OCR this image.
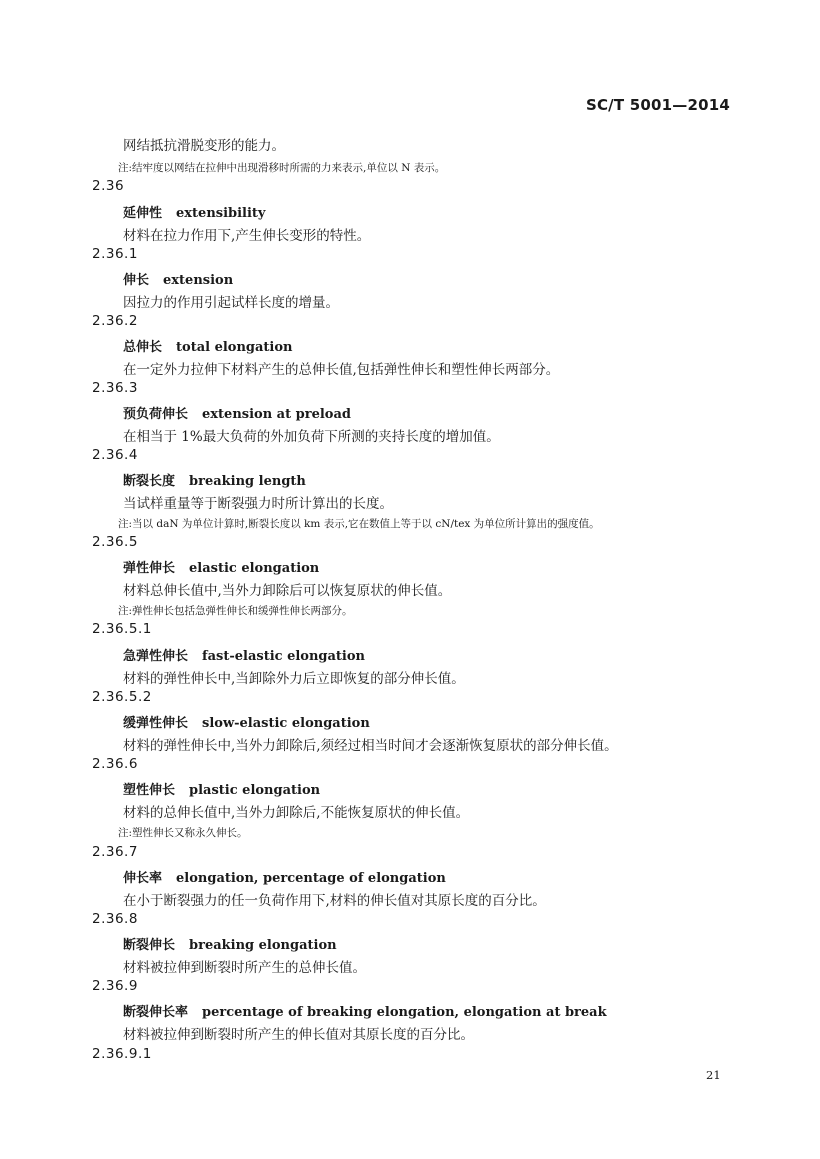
SC/T 5001—2014
网结抵抗滑脱变形的能力。
注:结牢度以网结在拉伸中出现滑移时所需的力来表示,单位以 N 表示。
2.36
延伸性 extensibility
材料在拉力作用下,产生伸长变形的特性。
2.36.1
伸长 extension
因拉力的作用引起试样长度的增量。
2.36.2
总伸长 total elongation
在一定外力拉伸下材料产生的总伸长值,包括弹性伸长和塑性伸长两部分。
2.36.3
预负荷伸长 extension at preload
在相当于 1%最大负荷的外加负荷下所测的夹持长度的增加值。
2.36.4
断裂长度 breaking length
当试样重量等于断裂强力时所计算出的长度。
注:当以 daN 为单位计算时,断裂长度以 km 表示,它在数值上等于以 cN/tex 为单位所计算出的强度值。
2.36.5
弹性伸长 elastic elongation
材料总伸长值中,当外力卸除后可以恢复原状的伸长值。
注:弹性伸长包括急弹性伸长和缓弹性伸长两部分。
2.36.5.1
急弹性伸长 fast-elastic elongation
材料的弹性伸长中,当卸除外力后立即恢复的部分伸长值。
2.36.5.2
缓弹性伸长 slow-elastic elongation
材料的弹性伸长中,当外力卸除后,须经过相当时间才会逐渐恢复原状的部分伸长值。
2.36.6
塑性伸长 plastic elongation
材料的总伸长值中,当外力卸除后,不能恢复原状的伸长值。
注:塑性伸长又称永久伸长。
2.36.7
伸长率 elongation, percentage of elongation
在小于断裂强力的任一负荷作用下,材料的伸长值对其原长度的百分比。
2.36.8
断裂伸长 breaking elongation
材料被拉伸到断裂时所产生的总伸长值。
2.36.9
断裂伸长率 percentage of breaking elongation, elongation at break
材料被拉伸到断裂时所产生的伸长值对其原长度的百分比。
2.36.9.1
21
